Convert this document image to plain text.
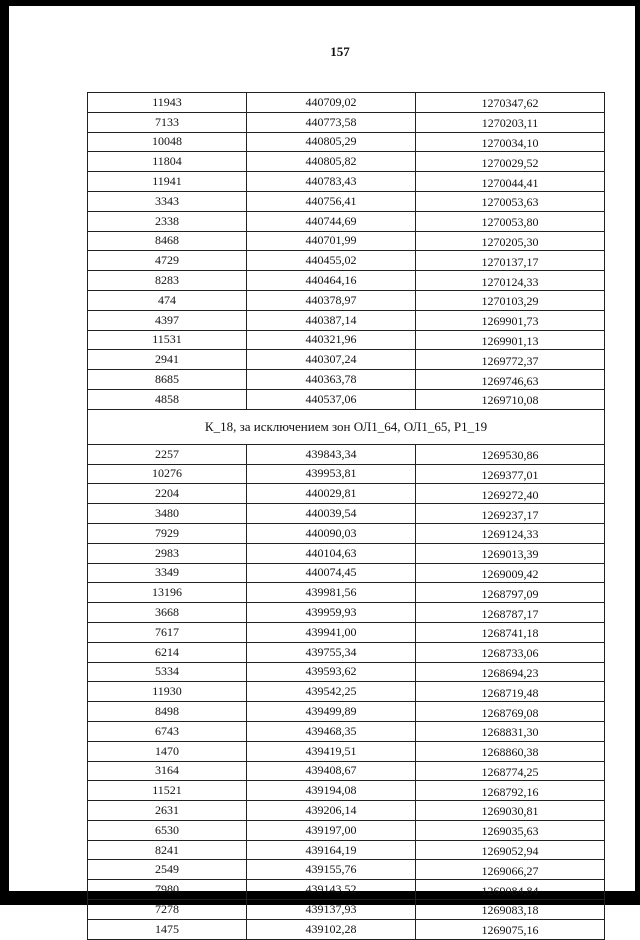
157
11943	440709,02	1270347,62
7133	440773,58	1270203,11
10048	440805,29	1270034,10
11804	440805,82	1270029,52
11941	440783,43	1270044,41
3343	440756,41	1270053,63
2338	440744,69	1270053,80
8468	440701,99	1270205,30
4729	440455,02	1270137,17
8283	440464,16	1270124,33
474	440378,97	1270103,29
4397	440387,14	1269901,73
11531	440321,96	1269901,13
2941	440307,24	1269772,37
8685	440363,78	1269746,63
4858	440537,06	1269710,08
К_18, за исключением зон ОЛ1_64, ОЛ1_65, Р1_19		
2257	439843,34	1269530,86
10276	439953,81	1269377,01
2204	440029,81	1269272,40
3480	440039,54	1269237,17
7929	440090,03	1269124,33
2983	440104,63	1269013,39
3349	440074,45	1269009,42
13196	439981,56	1268797,09
3668	439959,93	1268787,17
7617	439941,00	1268741,18
6214	439755,34	1268733,06
5334	439593,62	1268694,23
11930	439542,25	1268719,48
8498	439499,89	1268769,08
6743	439468,35	1268831,30
1470	439419,51	1268860,38
3164	439408,67	1268774,25
11521	439194,08	1268792,16
2631	439206,14	1269030,81
6530	439197,00	1269035,63
8241	439164,19	1269052,94
2549	439155,76	1269066,27
7980	439143,52	1269084,84
7278	439137,93	1269083,18
1475	439102,28	1269075,16
